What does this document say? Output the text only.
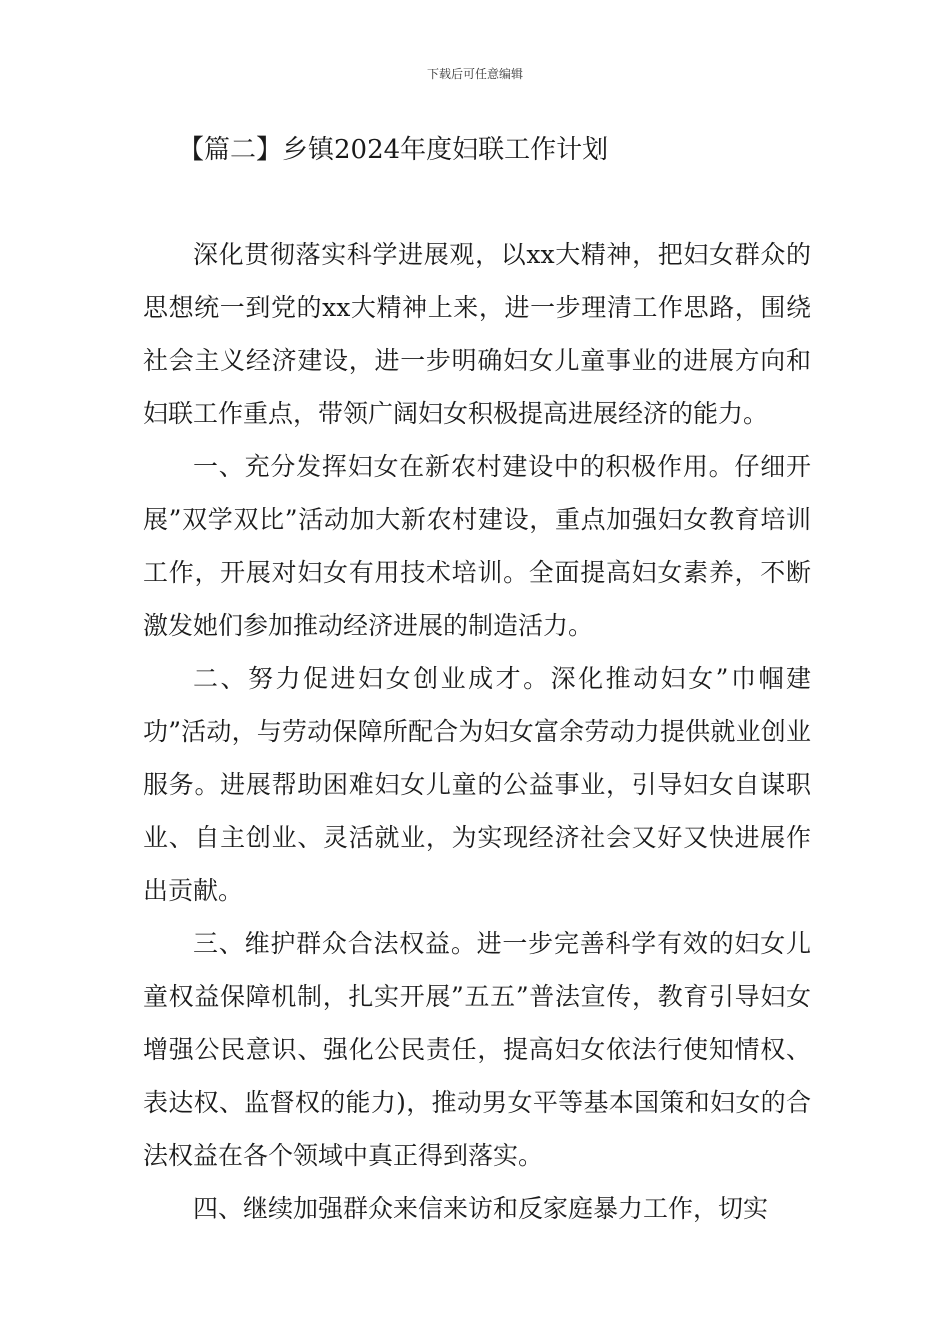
下载后可任意编辑
【篇二】乡镇2024年度妇联工作计划

深化贯彻落实科学进展观，以xx大精神，把妇女群众的思想统一到党的xx大精神上来，进一步理清工作思路，围绕社会主义经济建设，进一步明确妇女儿童事业的进展方向和妇联工作重点，带领广阔妇女积极提高进展经济的能力。

一、充分发挥妇女在新农村建设中的积极作用。仔细开展”双学双比”活动加大新农村建设，重点加强妇女教育培训工作，开展对妇女有用技术培训。全面提高妇女素养，不断激发她们参加推动经济进展的制造活力。

二、努力促进妇女创业成才。深化推动妇女”巾帼建功”活动，与劳动保障所配合为妇女富余劳动力提供就业创业服务。进展帮助困难妇女儿童的公益事业，引导妇女自谋职业、自主创业、灵活就业，为实现经济社会又好又快进展作出贡献。

三、维护群众合法权益。进一步完善科学有效的妇女儿童权益保障机制，扎实开展”五五”普法宣传，教育引导妇女增强公民意识、强化公民责任，提高妇女依法行使知情权、表达权、监督权的能力)，推动男女平等基本国策和妇女的合法权益在各个领域中真正得到落实。

四、继续加强群众来信来访和反家庭暴力工作，切实
